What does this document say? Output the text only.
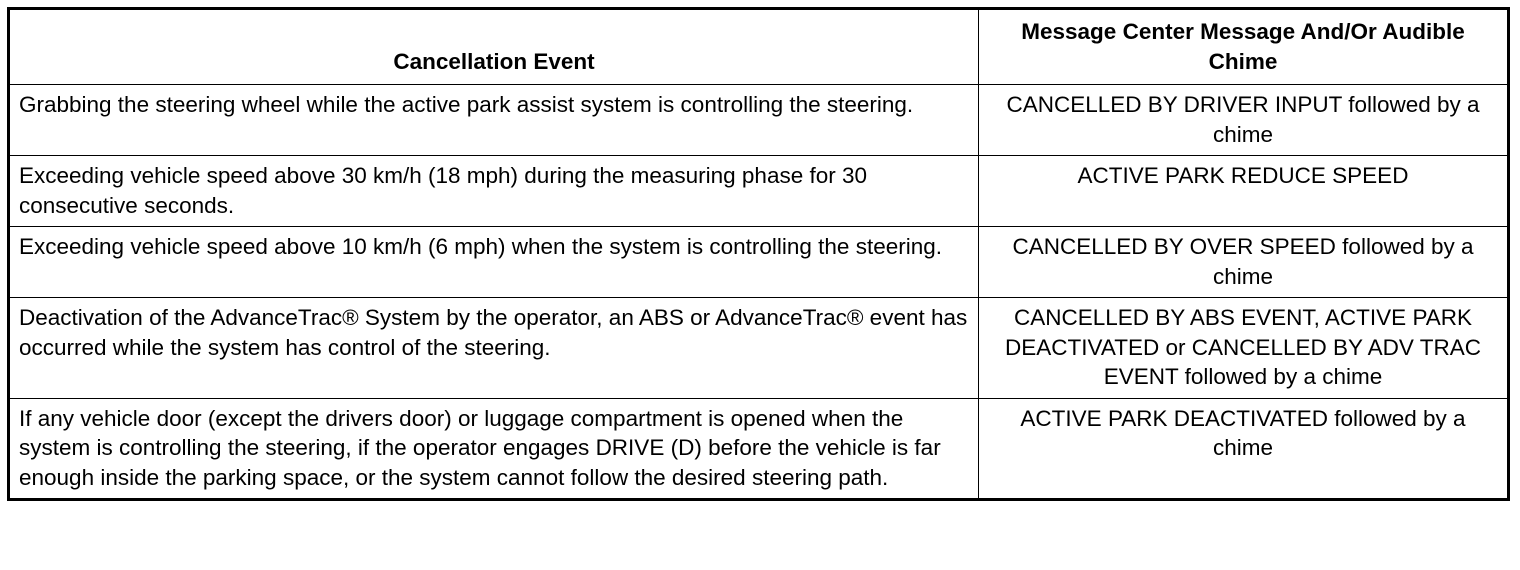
Cancellation Event	Message Center Message And/Or Audible Chime
Grabbing the steering wheel while the active park assist system is controlling the steering.	CANCELLED BY DRIVER INPUT followed by a chime
Exceeding vehicle speed above 30 km/h (18 mph) during the measuring phase for 30 consecutive seconds.	ACTIVE PARK REDUCE SPEED
Exceeding vehicle speed above 10 km/h (6 mph) when the system is controlling the steering.	CANCELLED BY OVER SPEED followed by a chime
Deactivation of the AdvanceTrac® System by the operator, an ABS or AdvanceTrac® event has occurred while the system has control of the steering.	CANCELLED BY ABS EVENT, ACTIVE PARK DEACTIVATED or CANCELLED BY ADV TRAC EVENT followed by a chime
If any vehicle door (except the drivers door) or luggage compartment is opened when the system is controlling the steering, if the operator engages DRIVE (D) before the vehicle is far enough inside the parking space, or the system cannot follow the desired steering path.	ACTIVE PARK DEACTIVATED followed by a chime
